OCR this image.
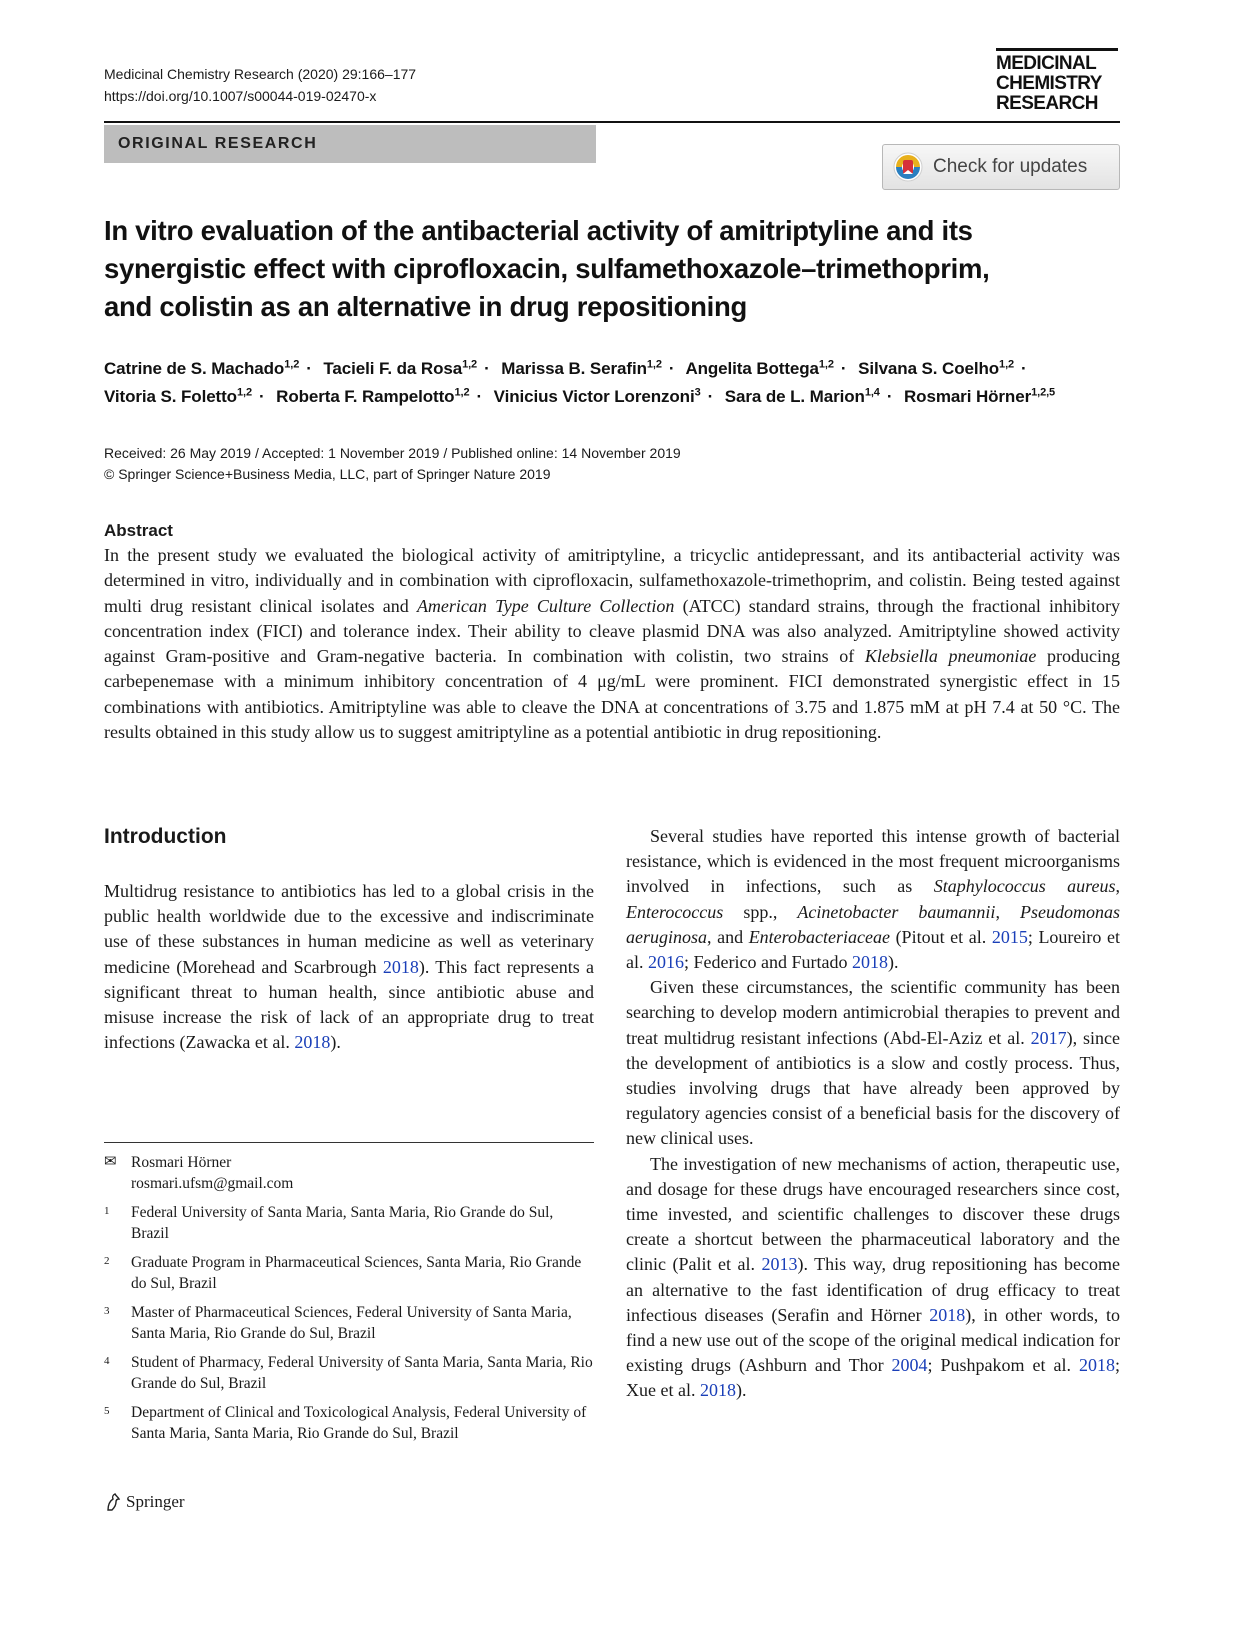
Medicinal Chemistry Research (2020) 29:166–177
https://doi.org/10.1007/s00044-019-02470-x
MEDICINAL
CHEMISTRY
RESEARCH
ORIGINAL RESEARCH
Check for updates
In vitro evaluation of the antibacterial activity of amitriptyline and its
synergistic effect with ciprofloxacin, sulfamethoxazole–trimethoprim,
and colistin as an alternative in drug repositioning
Catrine de S. Machado$^{1,2}$ · Tacieli F. da Rosa$^{1,2}$ · Marissa B. Serafin$^{1,2}$ · Angelita Bottega$^{1,2}$ · Silvana S. Coelho$^{1,2}$ ·
Vitoria S. Foletto$^{1,2}$ · Roberta F. Rampelotto$^{1,2}$ · Vinicius Victor Lorenzoni$^3$ · Sara de L. Marion$^{1,4}$ · Rosmari Hörner$^{1,2,5}$
Received: 26 May 2019 / Accepted: 1 November 2019 / Published online: 14 November 2019
© Springer Science+Business Media, LLC, part of Springer Nature 2019
Abstract
In the present study we evaluated the biological activity of amitriptyline, a tricyclic antidepressant, and its antibacterial activity was determined in vitro, individually and in combination with ciprofloxacin, sulfamethoxazole-trimethoprim, and colistin. Being tested against multi drug resistant clinical isolates and American Type Culture Collection (ATCC) standard strains, through the fractional inhibitory concentration index (FICI) and tolerance index. Their ability to cleave plasmid DNA was also analyzed. Amitriptyline showed activity against Gram-positive and Gram-negative bacteria. In combination with colistin, two strains of Klebsiella pneumoniae producing carbepenemase with a minimum inhibitory concentration of 4 μg/mL were prominent. FICI demonstrated synergistic effect in 15 combinations with antibiotics. Amitriptyline was able to cleave the DNA at concentrations of 3.75 and 1.875 mM at pH 7.4 at 50 °C. The results obtained in this study allow us to suggest amitriptyline as a potential antibiotic in drug repositioning.
Introduction

Multidrug resistance to antibiotics has led to a global crisis in the public health worldwide due to the excessive and indiscriminate use of these substances in human medicine as well as veterinary medicine (Morehead and Scarbrough 2018). This fact represents a significant threat to human health, since antibiotic abuse and misuse increase the risk of lack of an appropriate drug to treat infections (Zawacka et al. 2018).

Several studies have reported this intense growth of bacterial resistance, which is evidenced in the most frequent microorganisms involved in infections, such as Staphylococcus aureus, Enterococcus spp., Acinetobacter baumannii, Pseudomonas aeruginosa, and Enterobacteriaceae (Pitout et al. 2015; Loureiro et al. 2016; Federico and Furtado 2018).

Given these circumstances, the scientific community has been searching to develop modern antimicrobial therapies to prevent and treat multidrug resistant infections (Abd-El-Aziz et al. 2017), since the development of antibiotics is a slow and costly process. Thus, studies involving drugs that have already been approved by regulatory agencies consist of a beneficial basis for the discovery of new clinical uses.

The investigation of new mechanisms of action, therapeutic use, and dosage for these drugs have encouraged researchers since cost, time invested, and scientific challenges to discover these drugs create a shortcut between the pharmaceutical laboratory and the clinic (Palit et al. 2013). This way, drug repositioning has become an alternative to the fast identification of drug efficacy to treat infectious diseases (Serafin and Hörner 2018), in other words, to find a new use out of the scope of the original medical indication for existing drugs (Ashburn and Thor 2004; Pushpakom et al. 2018; Xue et al. 2018).

✉ Rosmari Hörner
rosmari.ufsm@gmail.com
1	Federal University of Santa Maria, Santa Maria, Rio Grande do Sul, Brazil
2	Graduate Program in Pharmaceutical Sciences, Santa Maria, Rio Grande do Sul, Brazil
3	Master of Pharmaceutical Sciences, Federal University of Santa Maria, Santa Maria, Rio Grande do Sul, Brazil
4	Student of Pharmacy, Federal University of Santa Maria, Santa Maria, Rio Grande do Sul, Brazil
5	Department of Clinical and Toxicological Analysis, Federal University of Santa Maria, Santa Maria, Rio Grande do Sul, Brazil
Springer
